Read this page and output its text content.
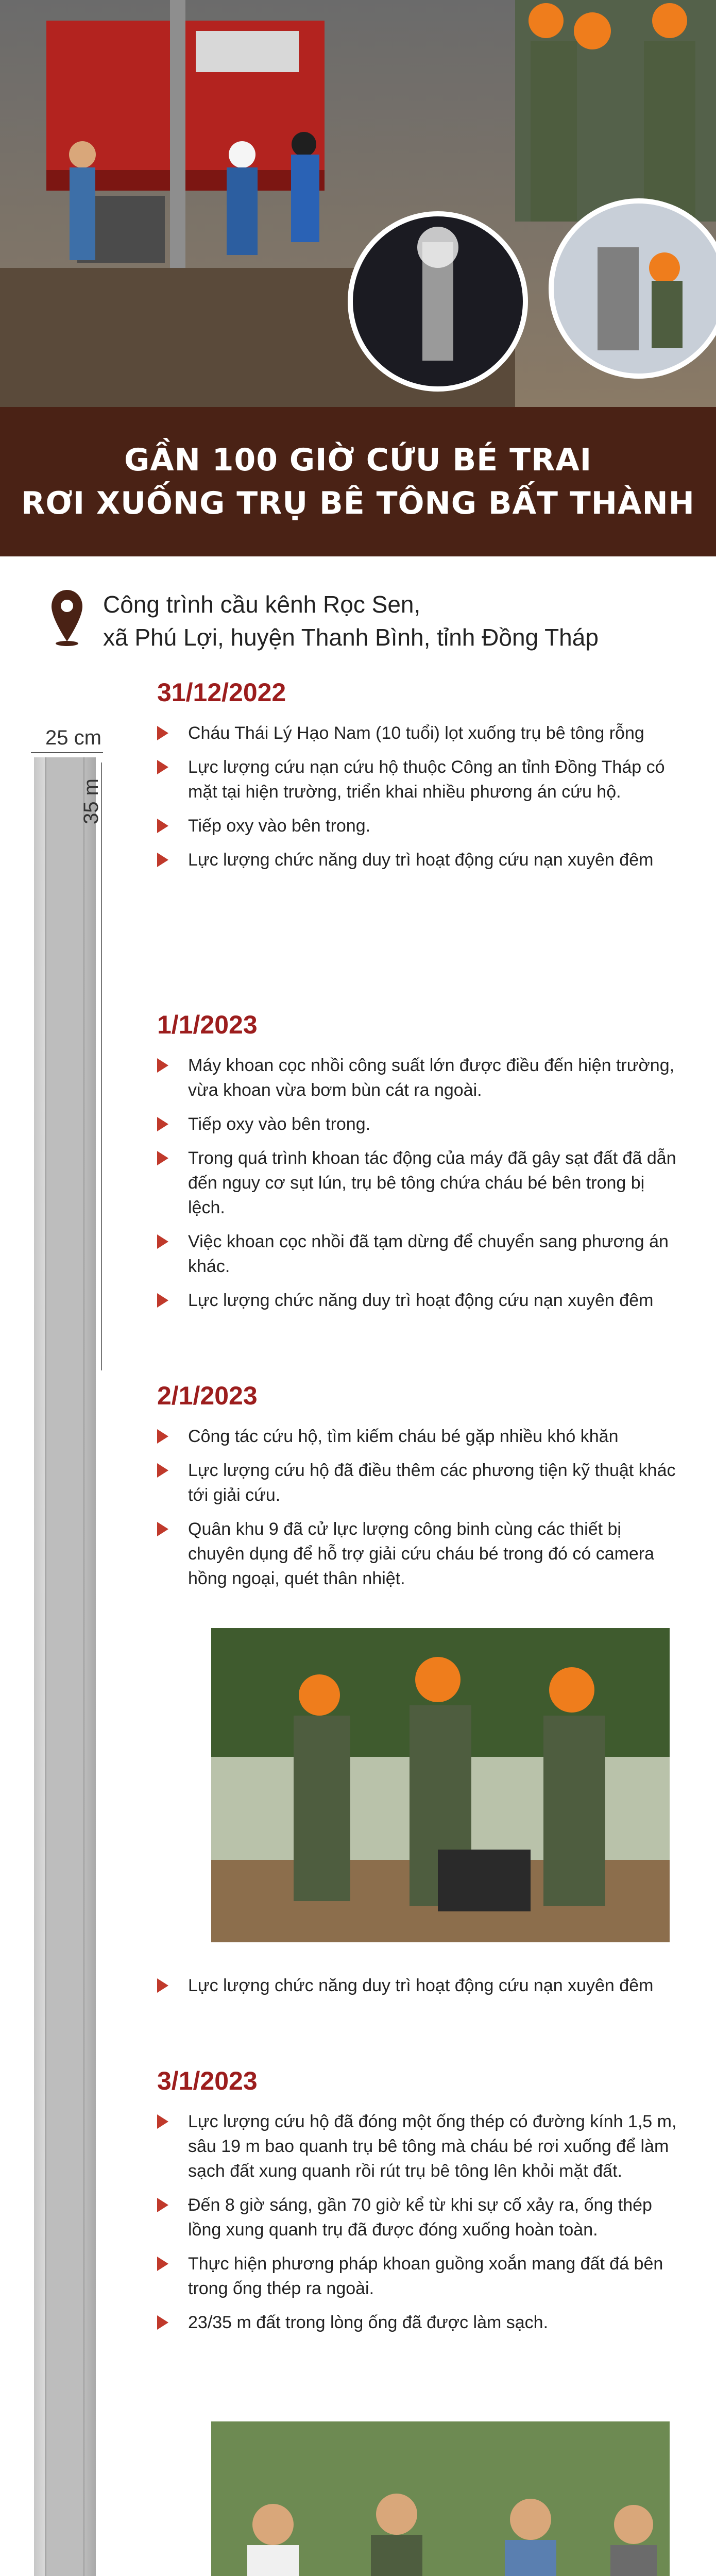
GẦN 100 GIỜ CỨU BÉ TRAI
RƠI XUỐNG TRỤ BÊ TÔNG BẤT THÀNH
Công trình cầu kênh Rọc Sen,
xã Phú Lợi, huyện Thanh Bình, tỉnh Đồng Tháp
25 cm
35 m
31/12/2022
Cháu Thái Lý Hạo Nam (10 tuổi) lọt xuống trụ bê tông rỗng
Lực lượng cứu nạn cứu hộ thuộc Công an tỉnh Đồng Tháp có mặt tại hiện trường, triển khai nhiều phương án cứu hộ.
Tiếp oxy vào bên trong.
Lực lượng chức năng duy trì hoạt động cứu nạn xuyên đêm
1/1/2023
Máy khoan cọc nhồi công suất lớn được điều đến hiện trường, vừa khoan vừa bơm bùn cát ra ngoài.
Tiếp oxy vào bên trong.
Trong quá trình khoan tác động của máy đã gây sạt đất đã dẫn đến nguy cơ sụt lún, trụ bê tông chứa cháu bé bên trong bị lệch.
Việc khoan cọc nhồi đã tạm dừng để chuyển sang phương án khác.
Lực lượng chức năng duy trì hoạt động cứu nạn xuyên đêm
2/1/2023
Công tác cứu hộ, tìm kiếm cháu bé gặp nhiều khó khăn
Lực lượng cứu hộ đã điều thêm các phương tiện kỹ thuật khác tới giải cứu.
Quân khu 9 đã cử lực lượng công binh cùng các thiết bị chuyên dụng để hỗ trợ giải cứu cháu bé trong đó có camera hồng ngoại, quét thân nhiệt.
Lực lượng chức năng duy trì hoạt động cứu nạn xuyên đêm
3/1/2023
Lực lượng cứu hộ đã đóng một ống thép có đường kính 1,5 m, sâu 19 m bao quanh trụ bê tông mà cháu bé rơi xuống để làm sạch đất xung quanh rồi rút trụ bê tông lên khỏi mặt đất.
Đến 8 giờ sáng, gần 70 giờ kể từ khi sự cố xảy ra, ống thép lồng xung quanh trụ đã được đóng xuống hoàn toàn.
Thực hiện phương pháp khoan guồng xoắn mang đất đá bên trong ống thép ra ngoài.
23/35 m đất trong lòng ống đã được làm sạch.
